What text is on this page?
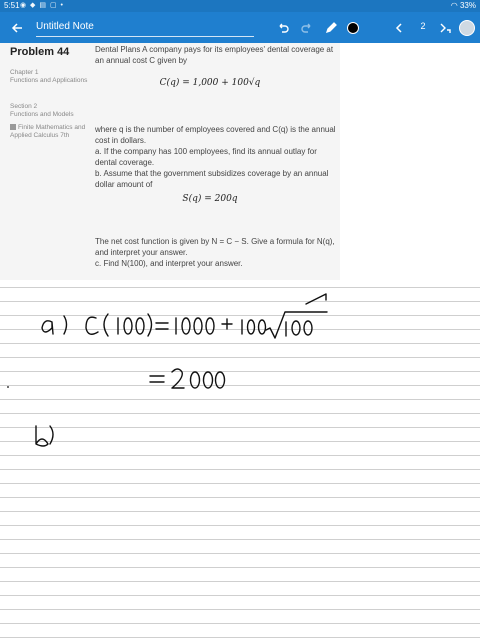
5:51 ◉ ◆ ▤ ▢ •	◠ 33%
Untitled Note	2
Problem 44
Chapter 1
Functions and Applications
Section 2
Functions and Models
Finite Mathematics and Applied Calculus 7th
Dental Plans A company pays for its employees' dental coverage at an annual cost C given by
C(q) = 1,000 + 100√q

where q is the number of employees covered and C(q) is the annual cost in dollars.
a. If the company has 100 employees, find its annual outlay for dental coverage.
b. Assume that the government subsidizes coverage by an annual dollar amount of

S(q) = 200q

The net cost function is given by N = C − S. Give a formula for N(q), and interpret your answer.
c. Find N(100), and interpret your answer.
